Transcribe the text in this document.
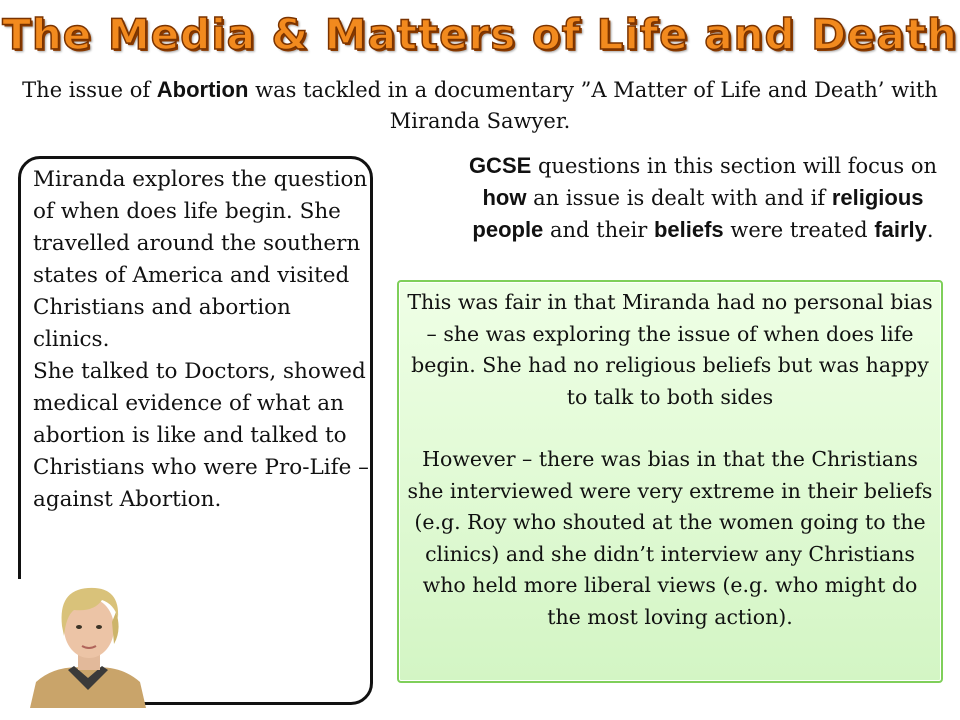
The Media & Matters of Life and Death
The issue of Abortion was tackled in a documentary ”A Matter of Life and Death’ with Miranda Sawyer.
GCSE questions in this section will focus on how an issue is dealt with and if religious people and their beliefs were treated fairly.

Miranda explores the question of when does life begin. She travelled around the southern states of America and visited Christians and abortion clinics.

She talked to Doctors, showed medical evidence of what an abortion is like and talked to Christians who were Pro-Life – against Abortion.

This was fair in that Miranda had no personal bias – she was exploring the issue of when does life begin. She had no religious beliefs but was happy to talk to both sides

However – there was bias in that the Christians she interviewed were very extreme in their beliefs (e.g. Roy who shouted at the women going to the clinics) and she didn’t interview any Christians who held more liberal views (e.g. who might do the most loving action).
